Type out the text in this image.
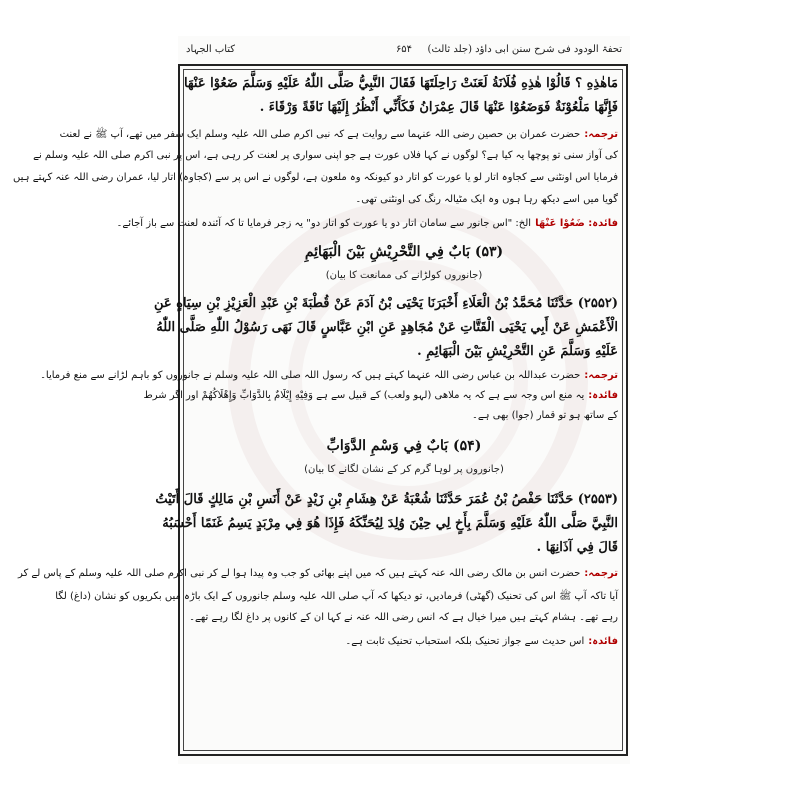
کتاب الجہاد	۶۵۴	تحفۃ الودود فی شرح سنن ابی داؤد (جلد ثالث)
مَاهٰذِهِ ؟ قَالُوْا هٰذِهِ فُلَانَةُ لَعَنَتْ رَاحِلَتَهَا فَقَالَ النَّبِيُّ صَلَّى اللّٰهُ عَلَيْهِ وَسَلَّمَ ضَعُوْا عَنْهَا
فَإِنَّهَا مَلْعُوْنَةٌ فَوَضَعُوْا عَنْهَا قَالَ عِمْرَانُ فَكَأَنِّي أَنْظُرُ إِلَيْهَا نَاقَةً وَرْقَاءَ .
ترجمہ:حضرت عمران بن حصین رضی اللہ عنہما سے روایت ہے کہ نبی اکرم صلی اللہ علیہ وسلم ایک سفر میں تھے، آپ ﷺ نے لعنت
کی آواز سنی تو پوچھا یہ کیا ہے؟ لوگوں نے کہا فلاں عورت ہے جو اپنی سواری پر لعنت کر رہی ہے، اس پر نبی اکرم صلی اللہ علیہ وسلم نے
فرمایا اس اونٹنی سے کجاوہ اتار لو یا عورت کو اتار دو کیونکہ وہ ملعون ہے، لوگوں نے اس پر سے (کجاوہ) اتار لیا، عمران رضی اللہ عنہ کہتے ہیں
گویا میں اسے دیکھ رہا ہوں وہ ایک مٹیالہ رنگ کی اونٹنی تھی۔
فائدہ: ضَعُوْا عَنْهَاالخ: "اس جانور سے سامان اتار دو یا عورت کو اتار دو" یہ زجر فرمایا تا کہ آئندہ لعنت سے باز آجائے۔
(۵۳) بَابٌ فِي التَّحْرِيْشِ بَيْنَ الْبَهَائِمِ
(جانوروں کولڑانے کی ممانعت کا بیان)
(۲۵۵۲) حَدَّثَنَا مُحَمَّدُ بْنُ الْعَلَاءِ أَخْبَرَنَا يَحْيَى بْنُ آدَمَ عَنْ قُطْبَةَ بْنِ عَبْدِ الْعَزِيْزِ بْنِ سِيَاهٍ عَنِ
الْأَعْمَشِ عَنْ أَبِي يَحْيَى الْقَتَّاتِ عَنْ مُجَاهِدٍ عَنِ ابْنِ عَبَّاسٍ قَالَ نَهَى رَسُوْلُ اللّٰهِ صَلَّى اللّٰهُ
عَلَيْهِ وَسَلَّمَ عَنِ التَّحْرِيْشِ بَيْنَ الْبَهَائِمِ .
ترجمہ:حضرت عبداللہ بن عباس رضی اللہ عنہما کہتے ہیں کہ رسول اللہ صلی اللہ علیہ وسلم نے جانوروں کو باہم لڑانے سے منع فرمایا۔
فائدہ:یہ منع اس وجہ سے ہے کہ یہ ملاھی (لہو ولعب) کے قبیل سے ہے وَفِيْهِ إِيْلَامٌ بِالدَّوَابِّ وَإِهْلَاكُهُمْ اور اگر شرط
کے ساتھ ہو تو قمار (جوا) بھی ہے۔
(۵۴) بَابٌ فِي وَسْمِ الدَّوَابِّ
(جانوروں پر لوہا گرم کر کے نشان لگانے کا بیان)
(۲۵۵۳) حَدَّثَنَا حَفْصُ بْنُ عُمَرَ حَدَّثَنَا شُعْبَةُ عَنْ هِشَامِ بْنِ زَيْدٍ عَنْ أَنَسِ بْنِ مَالِكٍ قَالَ أَتَيْتُ
النَّبِيَّ صَلَّى اللّٰهُ عَلَيْهِ وَسَلَّمَ بِأَخٍ لِي حِيْنَ وُلِدَ لِيُحَنِّكَهُ فَإِذَا هُوَ فِي مِرْبَدٍ يَسِمُ غَنَمًا أَحْسَبُهُ
قَالَ فِي آذَانِهَا .
ترجمہ:حضرت انس بن مالک رضی اللہ عنہ کہتے ہیں کہ میں اپنے بھائی کو جب وہ پیدا ہوا لے کر نبی اکرم صلی اللہ علیہ وسلم کے پاس لے کر
آیا تاکہ آپ ﷺ اس کی تحنیک (گھٹی) فرمادیں، تو دیکھا کہ آپ صلی اللہ علیہ وسلم جانوروں کے ایک باڑہ میں بکریوں کو نشان (داغ) لگا
رہے تھے۔ ہشام کہتے ہیں میرا خیال ہے کہ انس رضی اللہ عنہ نے کہا ان کے کانوں پر داغ لگا رہے تھے۔
فائدہ:اس حدیث سے جواز تحنیک بلکہ استحباب تحنیک ثابت ہے۔
